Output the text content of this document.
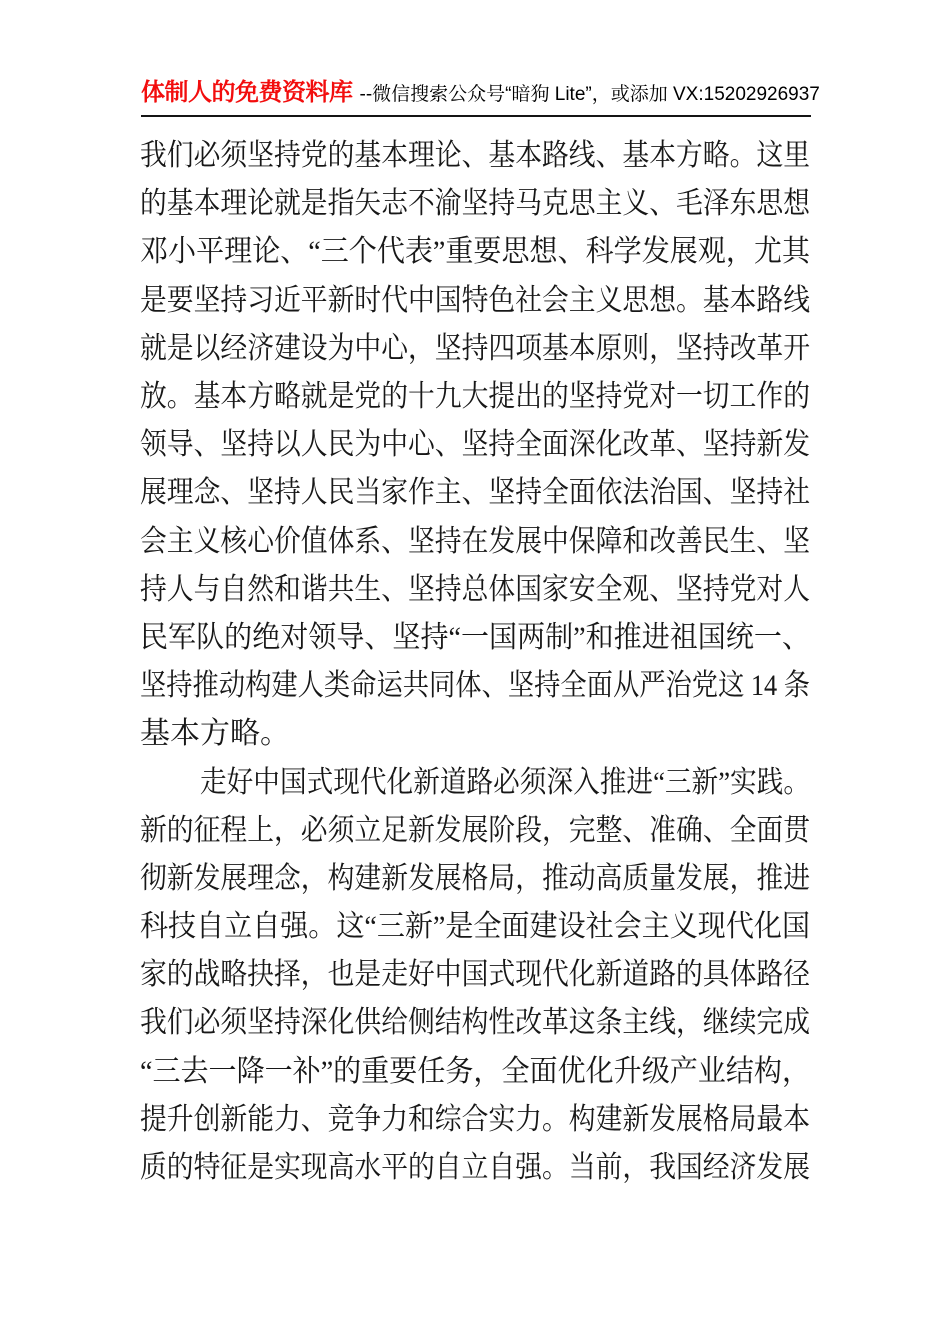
体制人的免费资料库 --微信搜索公众号“暗狗 Lite”，或添加 VX:15202926937
我们必须坚持党的基本理论、基本路线、基本方略。这里
的基本理论就是指矢志不渝坚持马克思主义、毛泽东思想
邓小平理论、“三个代表”重要思想、科学发展观，尤其
是要坚持习近平新时代中国特色社会主义思想。基本路线
就是以经济建设为中心，坚持四项基本原则，坚持改革开
放。基本方略就是党的十九大提出的坚持党对一切工作的
领导、坚持以人民为中心、坚持全面深化改革、坚持新发
展理念、坚持人民当家作主、坚持全面依法治国、坚持社
会主义核心价值体系、坚持在发展中保障和改善民生、坚
持人与自然和谐共生、坚持总体国家安全观、坚持党对人
民军队的绝对领导、坚持“一国两制”和推进祖国统一、
坚持推动构建人类命运共同体、坚持全面从严治党这 14 条
基本方略。
走好中国式现代化新道路必须深入推进“三新”实践。
新的征程上，必须立足新发展阶段，完整、准确、全面贯
彻新发展理念，构建新发展格局，推动高质量发展，推进
科技自立自强。这“三新”是全面建设社会主义现代化国
家的战略抉择，也是走好中国式现代化新道路的具体路径
我们必须坚持深化供给侧结构性改革这条主线，继续完成
“三去一降一补”的重要任务，全面优化升级产业结构，
提升创新能力、竞争力和综合实力。构建新发展格局最本
质的特征是实现高水平的自立自强。当前，我国经济发展
